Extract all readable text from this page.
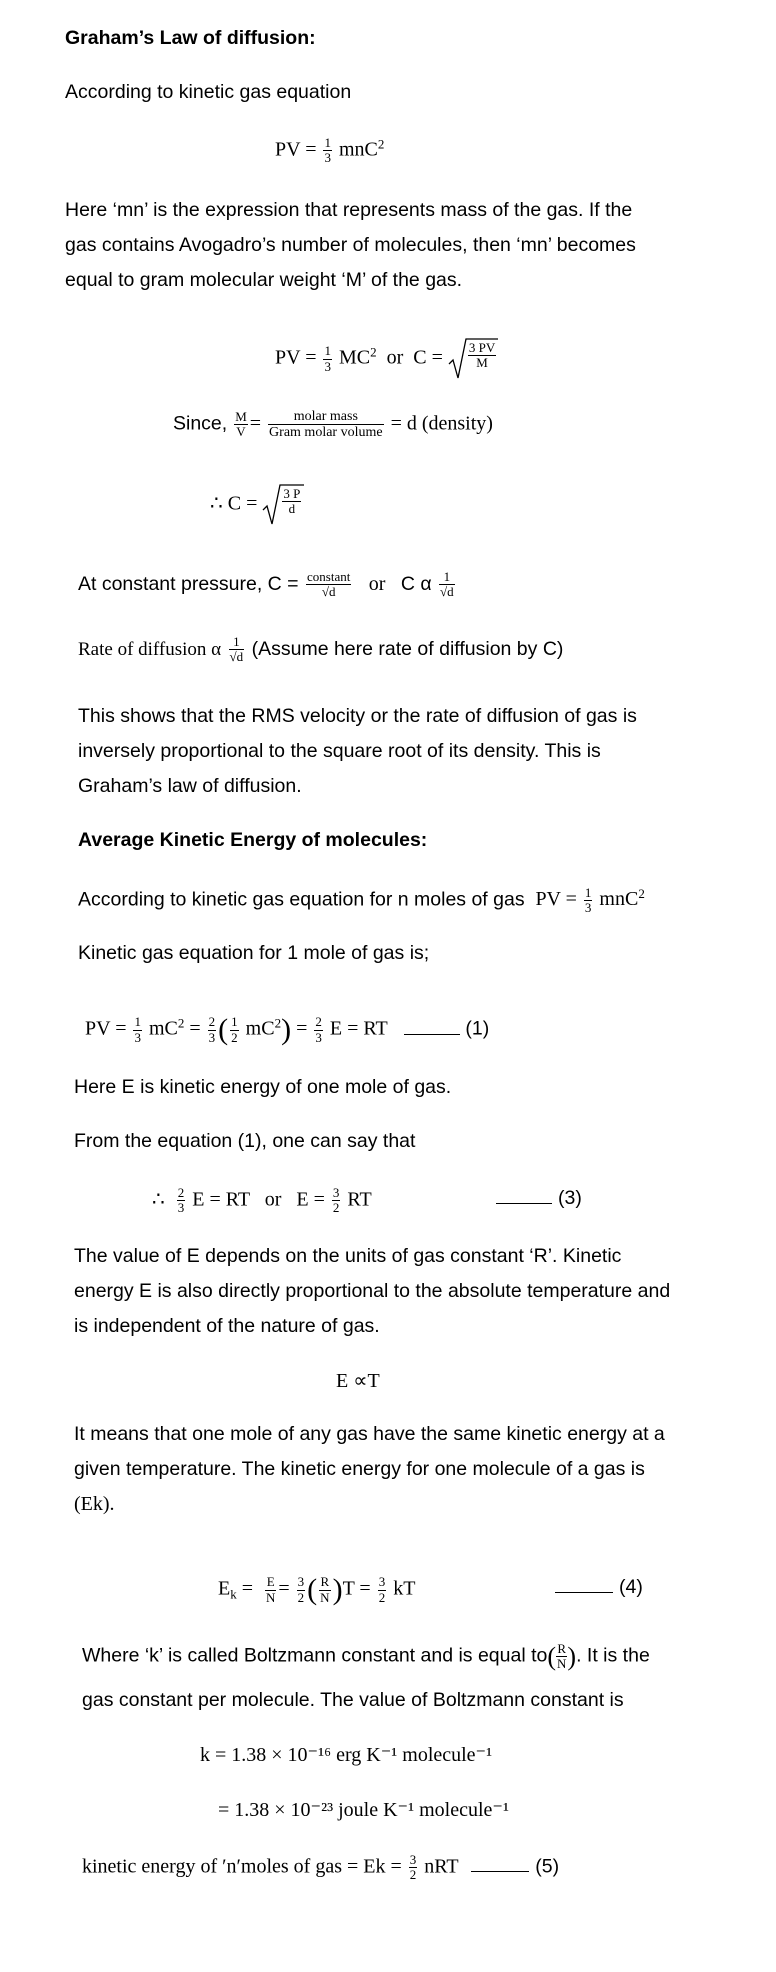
Graham’s Law of diffusion:
According to kinetic gas equation
PV = $\frac{1}{3} mnC^2$
Here ‘mn’ is the expression that represents mass of the gas. If the
gas contains Avogadro’s number of molecules, then ‘mn’ becomes
equal to gram molecular weight ‘M’ of the gas.
PV = $\frac{1}{3} MC^2$  or  C = 3 PV
M
Since, $\frac{M}{V}$ =	molar mass
Gram molar volume = d (density)
∴ C = 3 P
d
At constant pressure, C = constant
√d	or   C α $\frac{1}{√d}$
Rate of diffusion α $\frac{1}{√d}$ (Assume here rate of diffusion by C)
This shows that the RMS velocity or the rate of diffusion of gas is
inversely proportional to the square root of its density. This is
Graham’s law of diffusion.
Average Kinetic Energy of molecules:
According to kinetic gas equation for n moles of gas PV = $\frac{1}{3} mnC^2$
Kinetic gas equation for 1 mole of gas is;
PV = $\frac{1}{3} mC^2 = \frac{2}{3}$ ( $\frac{1}{2} mC^2) = \frac{2}{3}$ E = RT	(1)
Here E is kinetic energy of one mole of gas.
From the equation (1), one can say that
∴ $\frac{2}{3}$ E = RT   or   $E = \frac{3}{2}$ RT	(3)
The value of E depends on the units of gas constant ‘R’. Kinetic
energy E is also directly proportional to the absolute temperature and
is independent of the nature of gas.
E ∝T
It means that one mole of any gas have the same kinetic energy at a
given temperature. The kinetic energy for one molecule of a gas is
(Ek).
$E_k = \frac{E}{N} = \frac{3}{2}$ ( $\frac{R}{N} )T = \frac{3}{2}$ kT	(4)
Where ‘k’ is called Boltzmann constant and is equal $to( \frac{R}{N}$ ). It is the
gas constant per molecule. The value of Boltzmann constant is
k = 1.38 × 10⁻¹⁶ erg K⁻¹ molecule⁻¹
= 1.38 × 10⁻²³ joule K⁻¹ molecule⁻¹
kinetic energy of ′n′moles of gas = $Ek = \frac{3}{2}$ nRT	(5)
